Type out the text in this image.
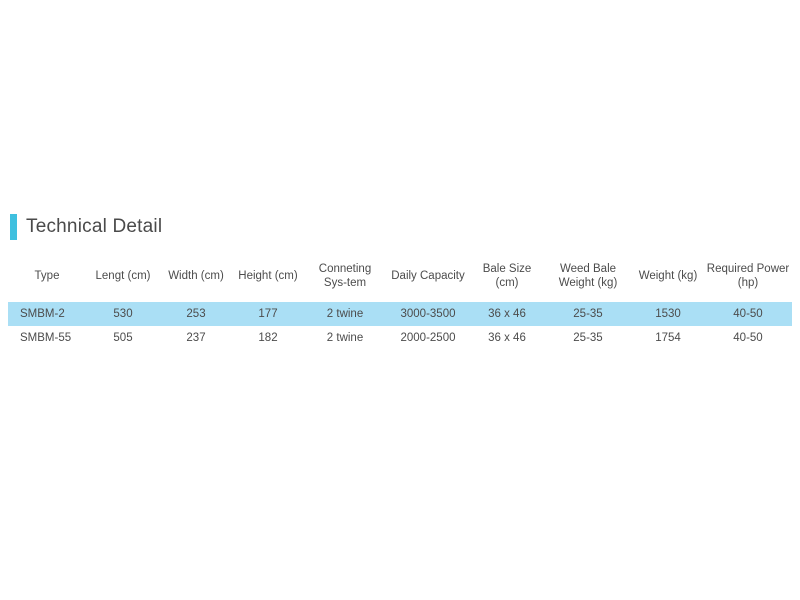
Technical Detail
Type	Lengt (cm)	Width (cm)	Height (cm)	Conneting Sys-tem	Daily Capacity	Bale Size (cm)	Weed Bale Weight (kg)	Weight (kg)	Required Power (hp)
SMBM-2	530	253	177	2 twine	3000-3500	36 x 46	25-35	1530	40-50
SMBM-55	505	237	182	2 twine	2000-2500	36 x 46	25-35	1754	40-50
